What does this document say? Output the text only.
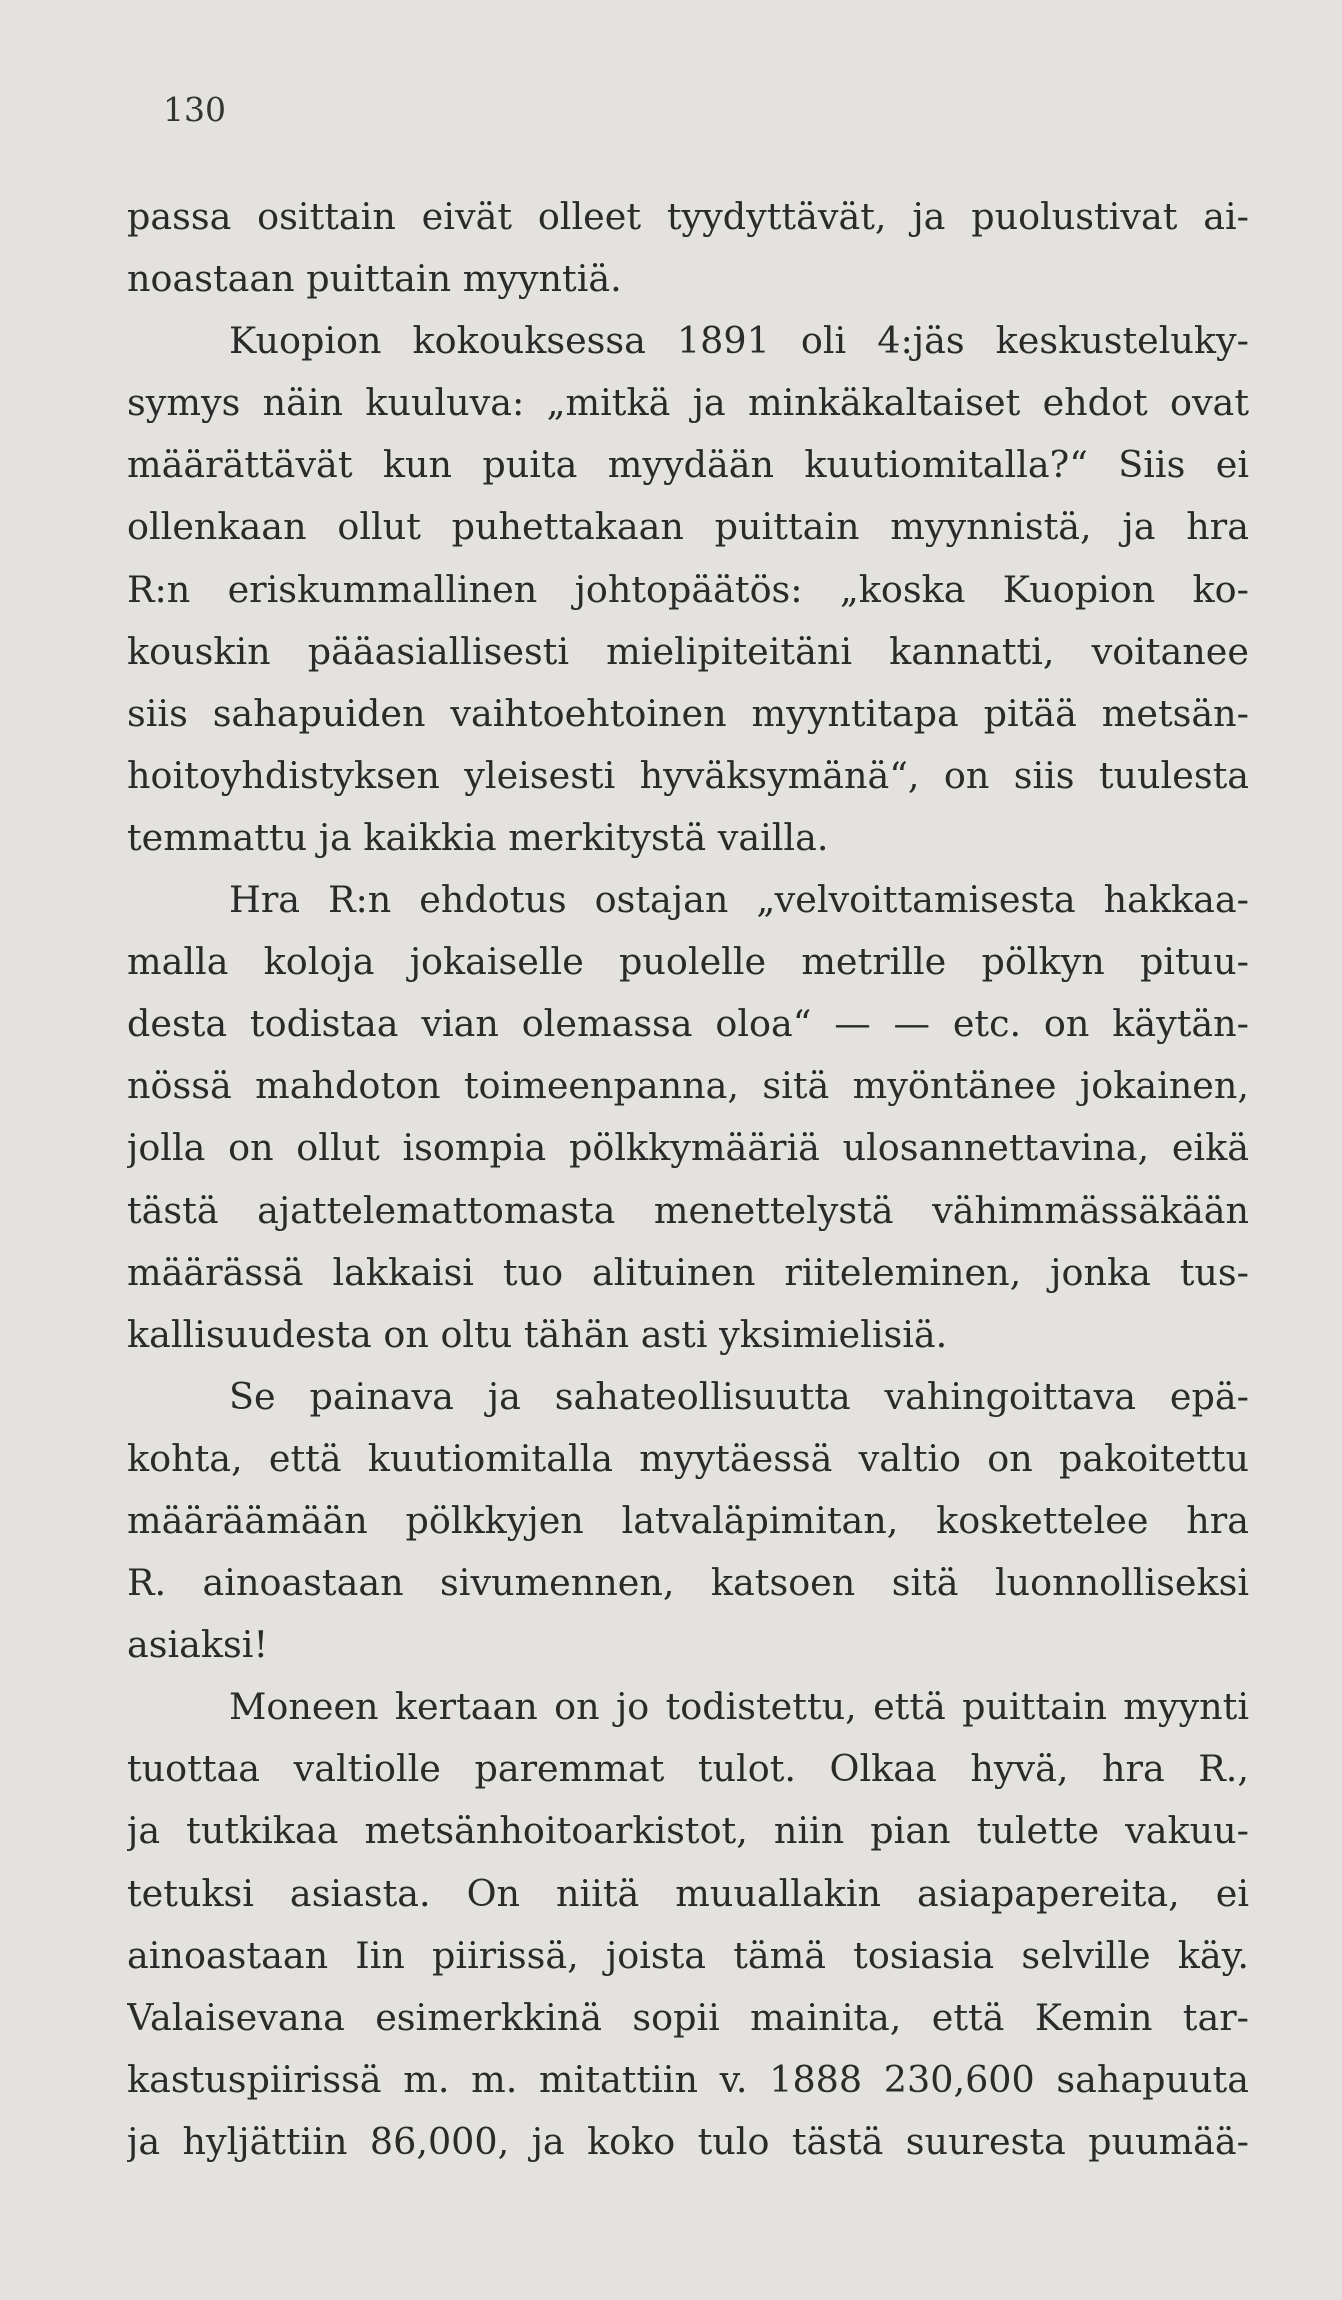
130
passa osittain eivät olleet tyydyttävät, ja puolustivat ai-
noastaan puittain myyntiä.
Kuopion kokouksessa 1891 oli 4:jäs keskusteluky-
symys näin kuuluva: „mitkä ja minkäkaltaiset ehdot ovat
määrättävät kun puita myydään kuutiomitalla?“ Siis ei
ollenkaan ollut puhettakaan puittain myynnistä, ja hra
R:n eriskummallinen johtopäätös: „koska Kuopion ko-
kouskin pääasiallisesti mielipiteitäni kannatti, voitanee
siis sahapuiden vaihtoehtoinen myyntitapa pitää metsän-
hoitoyhdistyksen yleisesti hyväksymänä“, on siis tuulesta
temmattu ja kaikkia merkitystä vailla.
Hra R:n ehdotus ostajan „velvoittamisesta hakkaa-
malla koloja jokaiselle puolelle metrille pölkyn pituu-
desta todistaa vian olemassa oloa“ — — etc. on käytän-
nössä mahdoton toimeenpanna, sitä myöntänee jokainen,
jolla on ollut isompia pölkkymääriä ulosannettavina, eikä
tästä ajattelemattomasta menettelystä vähimmässäkään
määrässä lakkaisi tuo alituinen riiteleminen, jonka tus-
kallisuudesta on oltu tähän asti yksimielisiä.
Se painava ja sahateollisuutta vahingoittava epä-
kohta, että kuutiomitalla myytäessä valtio on pakoitettu
määräämään pölkkyjen latvaläpimitan, koskettelee hra
R. ainoastaan sivumennen, katsoen sitä luonnolliseksi
asiaksi!
Moneen kertaan on jo todistettu, että puittain myynti
tuottaa valtiolle paremmat tulot. Olkaa hyvä, hra R.,
ja tutkikaa metsänhoitoarkistot, niin pian tulette vakuu-
tetuksi asiasta. On niitä muuallakin asiapapereita, ei
ainoastaan Iin piirissä, joista tämä tosiasia selville käy.
Valaisevana esimerkkinä sopii mainita, että Kemin tar-
kastuspiirissä m. m. mitattiin v. 1888 230,600 sahapuuta
ja hyljättiin 86,000, ja koko tulo tästä suuresta puumää-
